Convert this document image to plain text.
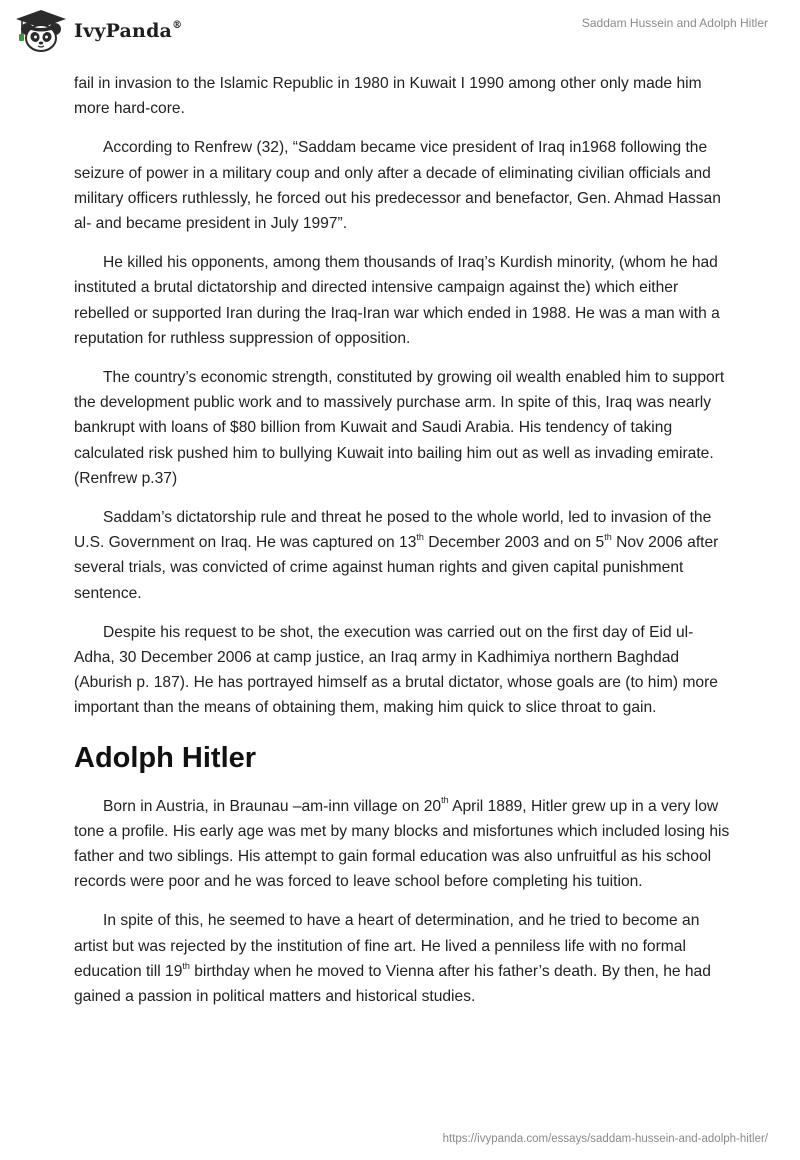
IvyPanda®	Saddam Hussein and Adolph Hitler

fail in invasion to the Islamic Republic in 1980 in Kuwait I 1990 among other only made him more hard-core.

According to Renfrew (32), “Saddam became vice president of Iraq in1968 following the seizure of power in a military coup and only after a decade of eliminating civilian officials and military officers ruthlessly, he forced out his predecessor and benefactor, Gen. Ahmad Hassan al- and became president in July 1997”.

He killed his opponents, among them thousands of Iraq’s Kurdish minority, (whom he had instituted a brutal dictatorship and directed intensive campaign against the) which either rebelled or supported Iran during the Iraq-Iran war which ended in 1988. He was a man with a reputation for ruthless suppression of opposition.

The country’s economic strength, constituted by growing oil wealth enabled him to support the development public work and to massively purchase arm. In spite of this, Iraq was nearly bankrupt with loans of $80 billion from Kuwait and Saudi Arabia. His tendency of taking calculated risk pushed him to bullying Kuwait into bailing him out as well as invading emirate. (Renfrew p.37)

Saddam’s dictatorship rule and threat he posed to the whole world, led to invasion of the U.S. Government on Iraq. He was captured on 13th December 2003 and on 5th Nov 2006 after several trials, was convicted of crime against human rights and given capital punishment sentence.

Despite his request to be shot, the execution was carried out on the first day of Eid ul-Adha, 30 December 2006 at camp justice, an Iraq army in Kadhimiya northern Baghdad (Aburish p. 187). He has portrayed himself as a brutal dictator, whose goals are (to him) more important than the means of obtaining them, making him quick to slice throat to gain.

Adolph Hitler

Born in Austria, in Braunau –am-inn village on 20th April 1889, Hitler grew up in a very low tone a profile. His early age was met by many blocks and misfortunes which included losing his father and two siblings. His attempt to gain formal education was also unfruitful as his school records were poor and he was forced to leave school before completing his tuition.

In spite of this, he seemed to have a heart of determination, and he tried to become an artist but was rejected by the institution of fine art. He lived a penniless life with no formal education till 19th birthday when he moved to Vienna after his father’s death. By then, he had gained a passion in political matters and historical studies.

https://ivypanda.com/essays/saddam-hussein-and-adolph-hitler/
